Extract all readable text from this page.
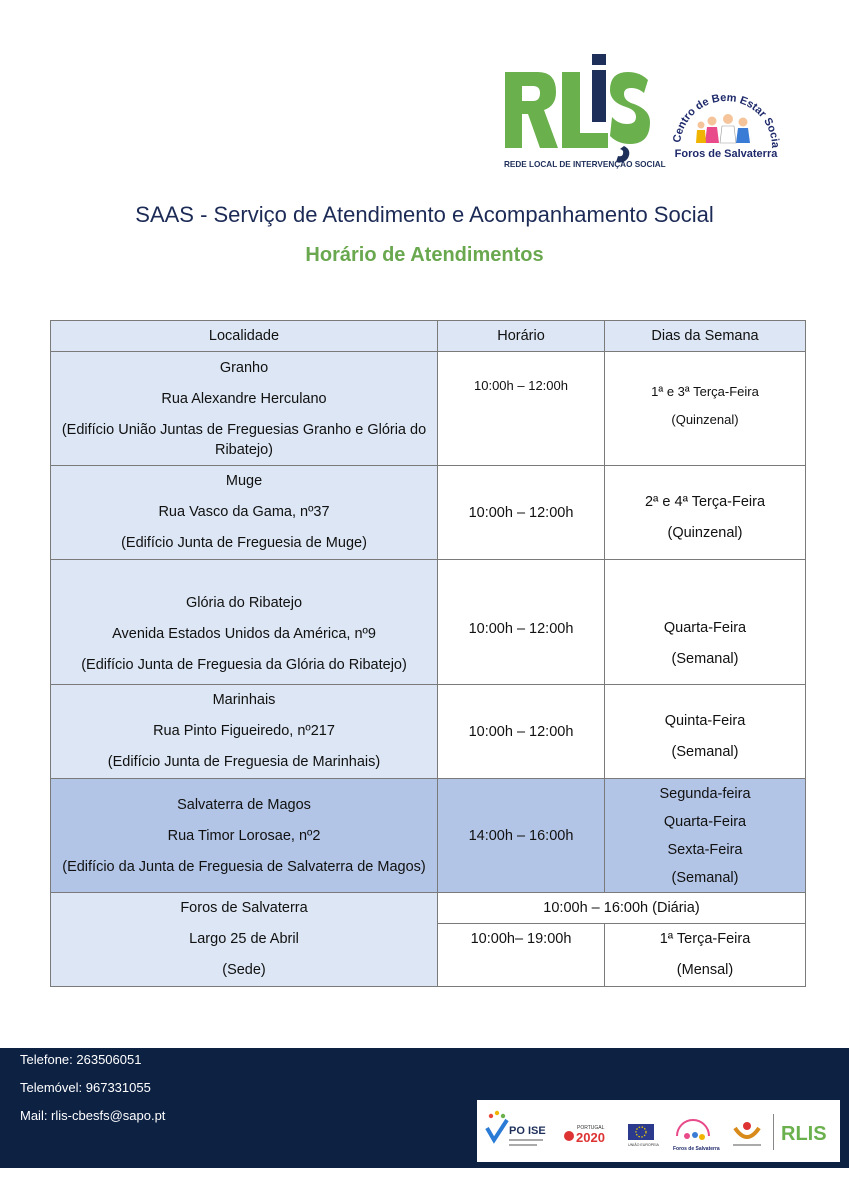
REDE LOCAL DE INTERVENÇÃO SOCIAL
Centro de Bem Estar Socia
Foros de Salvaterra
SAAS - Serviço de Atendimento e Acompanhamento Social
Horário de Atendimentos
Localidade	Horário	Dias da Semana

Granho
Rua Alexandre Herculano
(Edifício União Juntas de Freguesias Granho e Glória do Ribatejo)	10:00h – 12:00h	1ª e 3ª Terça-Feira
(Quinzenal)

Muge
Rua Vasco da Gama, nº37
(Edifício Junta de Freguesia de Muge)	10:00h – 12:00h	2ª e 4ª Terça-Feira
(Quinzenal)

Glória do Ribatejo
Avenida Estados Unidos da América, nº9
(Edifício Junta de Freguesia da Glória do Ribatejo)	10:00h – 12:00h	Quarta-Feira
(Semanal)

Marinhais
Rua Pinto Figueiredo, nº217
(Edifício Junta de Freguesia de Marinhais)	10:00h – 12:00h	Quinta-Feira
(Semanal)

Salvaterra de Magos
Rua Timor Lorosae, nº2
(Edifício da Junta de Freguesia de Salvaterra de Magos)	14:00h – 16:00h	Segunda-feira
Quarta-Feira
Sexta-Feira
(Semanal)

Foros de Salvaterra
Largo 25 de Abril
(Sede)	10:00h – 16:00h (Diária)	

	10:00h– 19:00h	1ª Terça-Feira
(Mensal)
Telefone: 263506051
Telemóvel: 967331055
Mail: rlis-cbesfs@sapo.pt
PO ISE	PORTUGAL
2020	UNIÃO EUROPEIA
Foros de Salvaterra
RLIS
